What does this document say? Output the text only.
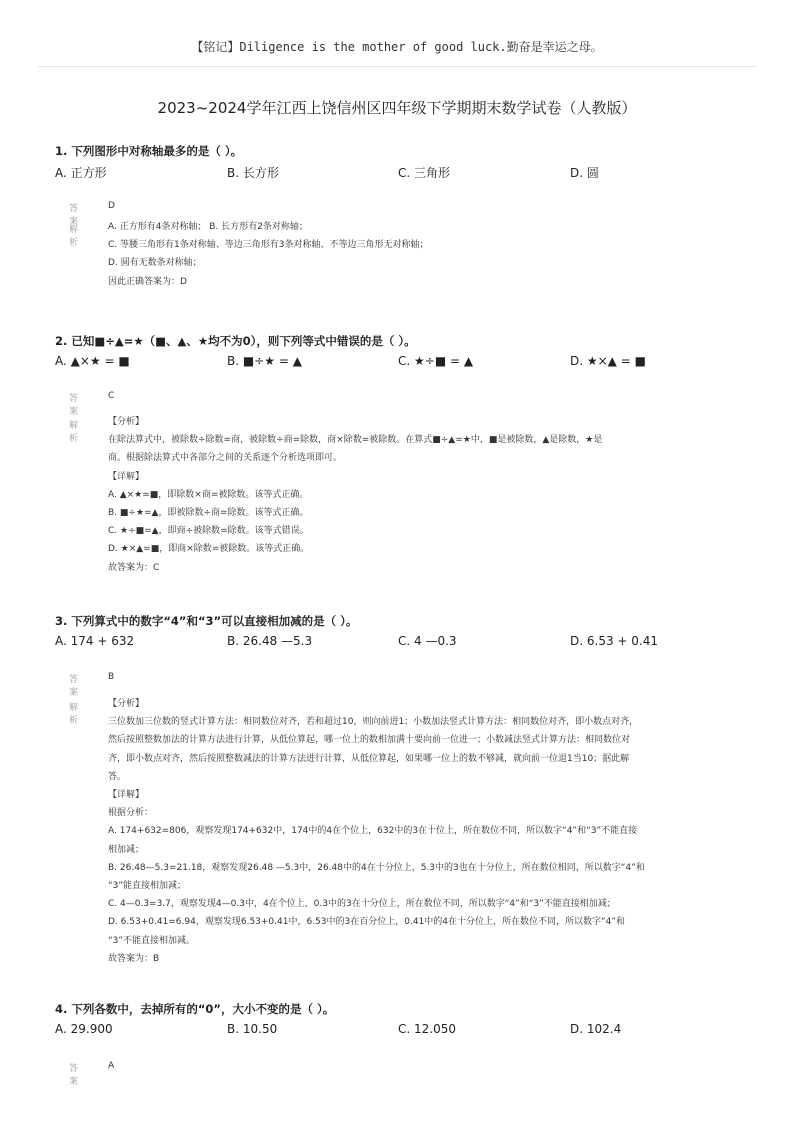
【铭记】Diligence is the mother of good luck.勤奋是幸运之母。
2023~2024学年江西上饶信州区四年级下学期期末数学试卷（人教版）
1. 下列图形中对称轴最多的是（ ）。
A. 正方形	B. 长方形	C. 三角形	D. 圆
答案
D
解析
A. 正方形有4条对称轴； B. 长方形有2条对称轴；
C. 等腰三角形有1条对称轴、等边三角形有3条对称轴、不等边三角形无对称轴；
D. 圆有无数条对称轴；
因此正确答案为：D
2. 已知■÷▲=★（■、▲、★均不为0），则下列等式中错误的是（ ）。
A. ▲×★ = ■	B. ■÷★ = ▲	C. ★÷■ = ▲	D. ★×▲ = ■
答案
C
解析
【分析】
在除法算式中，被除数÷除数=商，被除数÷商=除数，商×除数=被除数。在算式■÷▲=★中，■是被除数，▲是除数，★是
商。根据除法算式中各部分之间的关系逐个分析选项即可。
【详解】
A. ▲×★=■，即除数×商=被除数。该等式正确。
B. ■÷★=▲，即被除数÷商=除数。该等式正确。
C. ★÷■=▲，即商÷被除数=除数。该等式错误。
D. ★×▲=■，即商×除数=被除数。该等式正确。
故答案为：C
3. 下列算式中的数字“4”和“3”可以直接相加减的是（ ）。
A. 174 + 632	B. 26.48 —5.3	C. 4 —0.3	D. 6.53 + 0.41
答案
B
解析
【分析】
三位数加三位数的竖式计算方法：相同数位对齐，若和超过10，则向前进1；小数加法竖式计算方法：相同数位对齐，即小数点对齐，
然后按照整数加法的计算方法进行计算，从低位算起，哪一位上的数相加满十要向前一位进一；小数减法竖式计算方法：相同数位对
齐，即小数点对齐，然后按照整数减法的计算方法进行计算，从低位算起，如果哪一位上的数不够减，就向前一位退1当10；据此解
答。
【详解】
根据分析：
A. 174+632=806，观察发现174+632中，174中的4在个位上，632中的3在十位上，所在数位不同，所以数字“4”和“3”不能直接
相加减；
B. 26.48—5.3=21.18，观察发现26.48 —5.3中，26.48中的4在十分位上，5.3中的3也在十分位上，所在数位相同，所以数字“4”和
“3”能直接相加减；
C. 4—0.3=3.7，观察发现4—0.3中，4在个位上，0.3中的3在十分位上，所在数位不同，所以数字“4”和“3”不能直接相加减；
D. 6.53+0.41=6.94，观察发现6.53+0.41中，6.53中的3在百分位上，0.41中的4在十分位上，所在数位不同，所以数字“4”和
“3”不能直接相加减。
故答案为：B
4. 下列各数中，去掉所有的“0”，大小不变的是（ ）。
A. 29.900	B. 10.50	C. 12.050	D. 102.4
答案
A
